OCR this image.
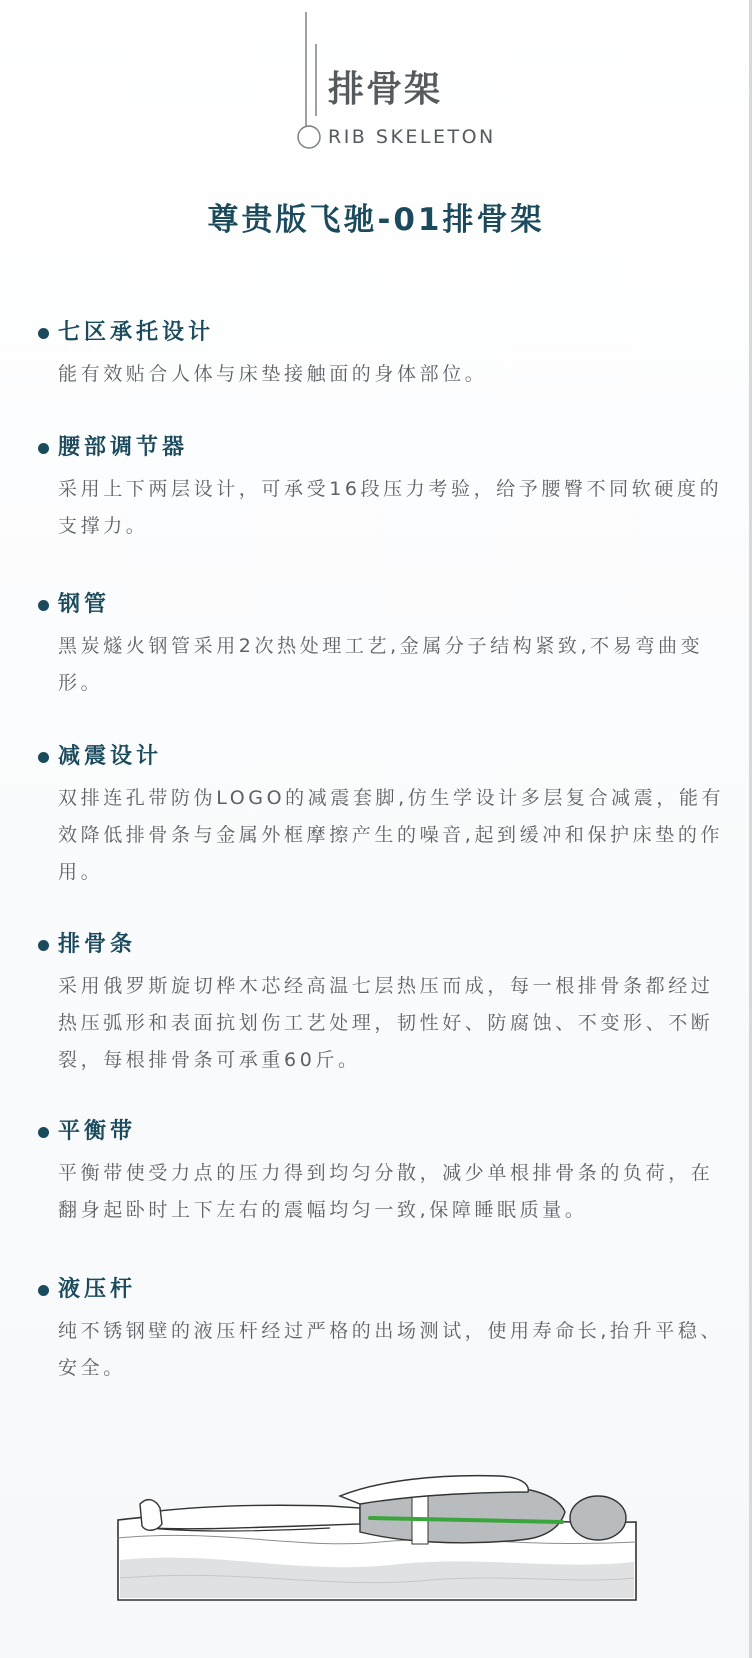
排骨架
RIB SKELETON
尊贵版飞驰-01排骨架
七区承托设计
能有效贴合人体与床垫接触面的身体部位。
腰部调节器
采用上下两层设计，可承受16段压力考验，给予腰臀不同软硬度的支撑力。
钢管
黑炭燧火钢管采用2次热处理工艺,金属分子结构紧致,不易弯曲变形。
减震设计
双排连孔带防伪LOGO的减震套脚,仿生学设计多层复合减震，能有效降低排骨条与金属外框摩擦产生的噪音,起到缓冲和保护床垫的作用。
排骨条
采用俄罗斯旋切桦木芯经高温七层热压而成，每一根排骨条都经过热压弧形和表面抗划伤工艺处理，韧性好、防腐蚀、不变形、不断裂，每根排骨条可承重60斤。
平衡带
平衡带使受力点的压力得到均匀分散，减少单根排骨条的负荷，在翻身起卧时上下左右的震幅均匀一致,保障睡眠质量。
液压杆
纯不锈钢壁的液压杆经过严格的出场测试，使用寿命长,抬升平稳、安全。
